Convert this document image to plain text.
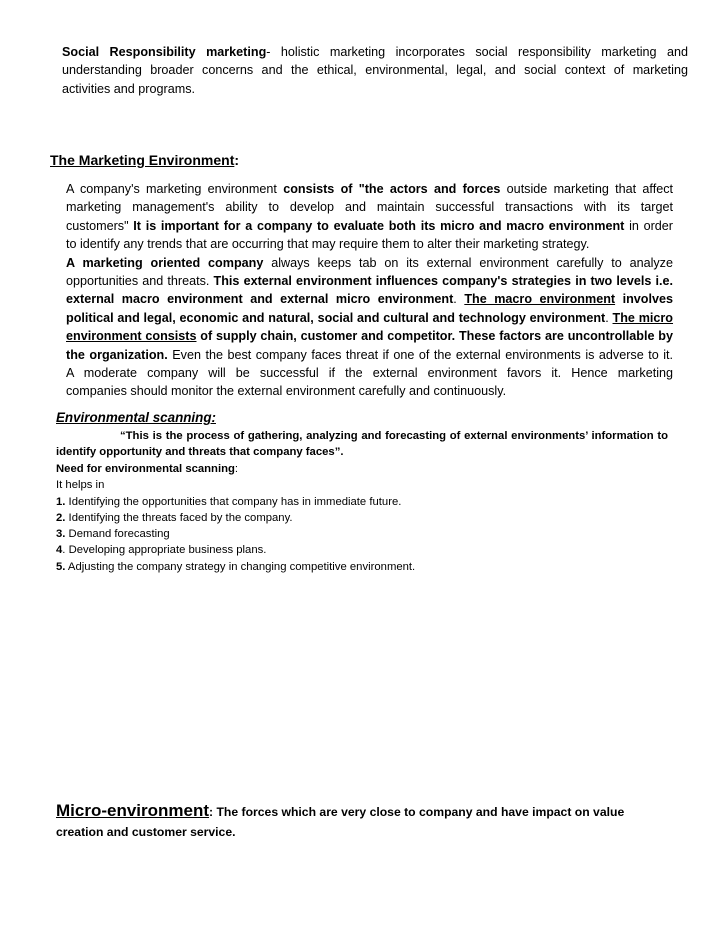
Social Responsibility marketing- holistic marketing incorporates social responsibility marketing and
understanding broader concerns and the ethical, environmental, legal, and social context of marketing
activities and programs.
The Marketing Environment:
A company's marketing environment consists of "the actors and forces outside marketing that affect
marketing management's ability to develop and maintain successful transactions with its target
customers" It is important for a company to evaluate both its micro and macro environment in order
to identify any trends that are occurring that may require them to alter their marketing strategy.
A marketing oriented company always keeps tab on its external environment carefully to analyze
opportunities and threats. This external environment influences company's strategies in two levels i.e.
external macro environment and external micro environment. The macro environment involves
political and legal, economic and natural, social and cultural and technology environment. The micro
environment consists of supply chain, customer and competitor. These factors are uncontrollable by
the organization. Even the best company faces threat if one of the external environments is adverse to it.
A moderate company will be successful if the external environment favors it. Hence marketing
companies should monitor the external environment carefully and continuously.
Environmental scanning:
“This is the process of gathering, analyzing and forecasting of external environments’ information to
identify opportunity and threats that company faces”.
Need for environmental scanning:
It helps in
1. Identifying the opportunities that company has in immediate future.
2. Identifying the threats faced by the company.
3. Demand forecasting
4. Developing appropriate business plans.
5. Adjusting the company strategy in changing competitive environment.
Micro-environment: The forces which are very close to company and have impact on value
creation and customer service.
